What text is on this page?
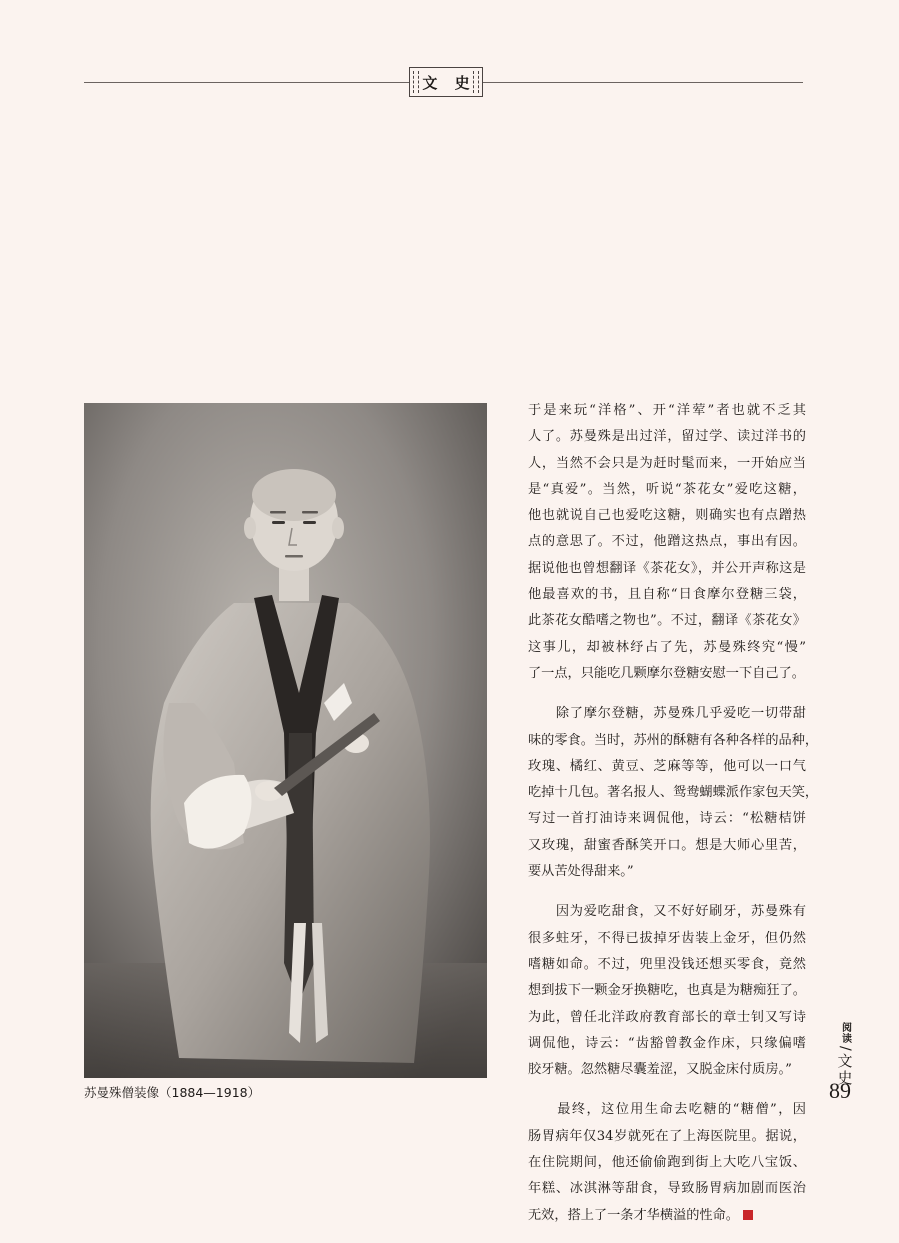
文 史
苏曼殊僧装像（1884—1918）

于是来玩“洋格”、开“洋荤”者也就不乏其
人了。苏曼殊是出过洋，留过学、读过洋书的
人，当然不会只是为赶时髦而来，一开始应当
是“真爱”。当然，听说“茶花女”爱吃这糖，
他也就说自己也爱吃这糖，则确实也有点蹭热
点的意思了。不过，他蹭这热点，事出有因。
据说他也曾想翻译《茶花女》，并公开声称这是
他最喜欢的书，且自称“日食摩尔登糖三袋，
此茶花女酷嗜之物也”。不过，翻译《茶花女》
这事儿，却被林纾占了先，苏曼殊终究“慢”
了一点，只能吃几颗摩尔登糖安慰一下自己了。

　　除了摩尔登糖，苏曼殊几乎爱吃一切带甜
味的零食。当时，苏州的酥糖有各种各样的品种，
玫瑰、橘红、黄豆、芝麻等等，他可以一口气
吃掉十几包。著名报人、鸳鸯蝴蝶派作家包天笑，
写过一首打油诗来调侃他，诗云：“松糖桔饼
又玫瑰，甜蜜香酥笑开口。想是大师心里苦，
要从苦处得甜来。”

　　因为爱吃甜食，又不好好刷牙，苏曼殊有
很多蛀牙，不得已拔掉牙齿装上金牙，但仍然
嗜糖如命。不过，兜里没钱还想买零食，竟然
想到拔下一颗金牙换糖吃，也真是为糖痴狂了。
为此，曾任北洋政府教育部长的章士钊又写诗
调侃他，诗云：“齿豁曾教金作床，只缘偏嗜
胶牙糖。忽然糖尽囊羞涩，又脱金床付质房。”

　　最终，这位用生命去吃糖的“糖僧”，因
肠胃病年仅34岁就死在了上海医院里。据说，
在住院期间，他还偷偷跑到街上大吃八宝饭、
年糕、冰淇淋等甜食，导致肠胃病加剧而医治
无效，搭上了一条才华横溢的性命。

阅读
/
文史
89
